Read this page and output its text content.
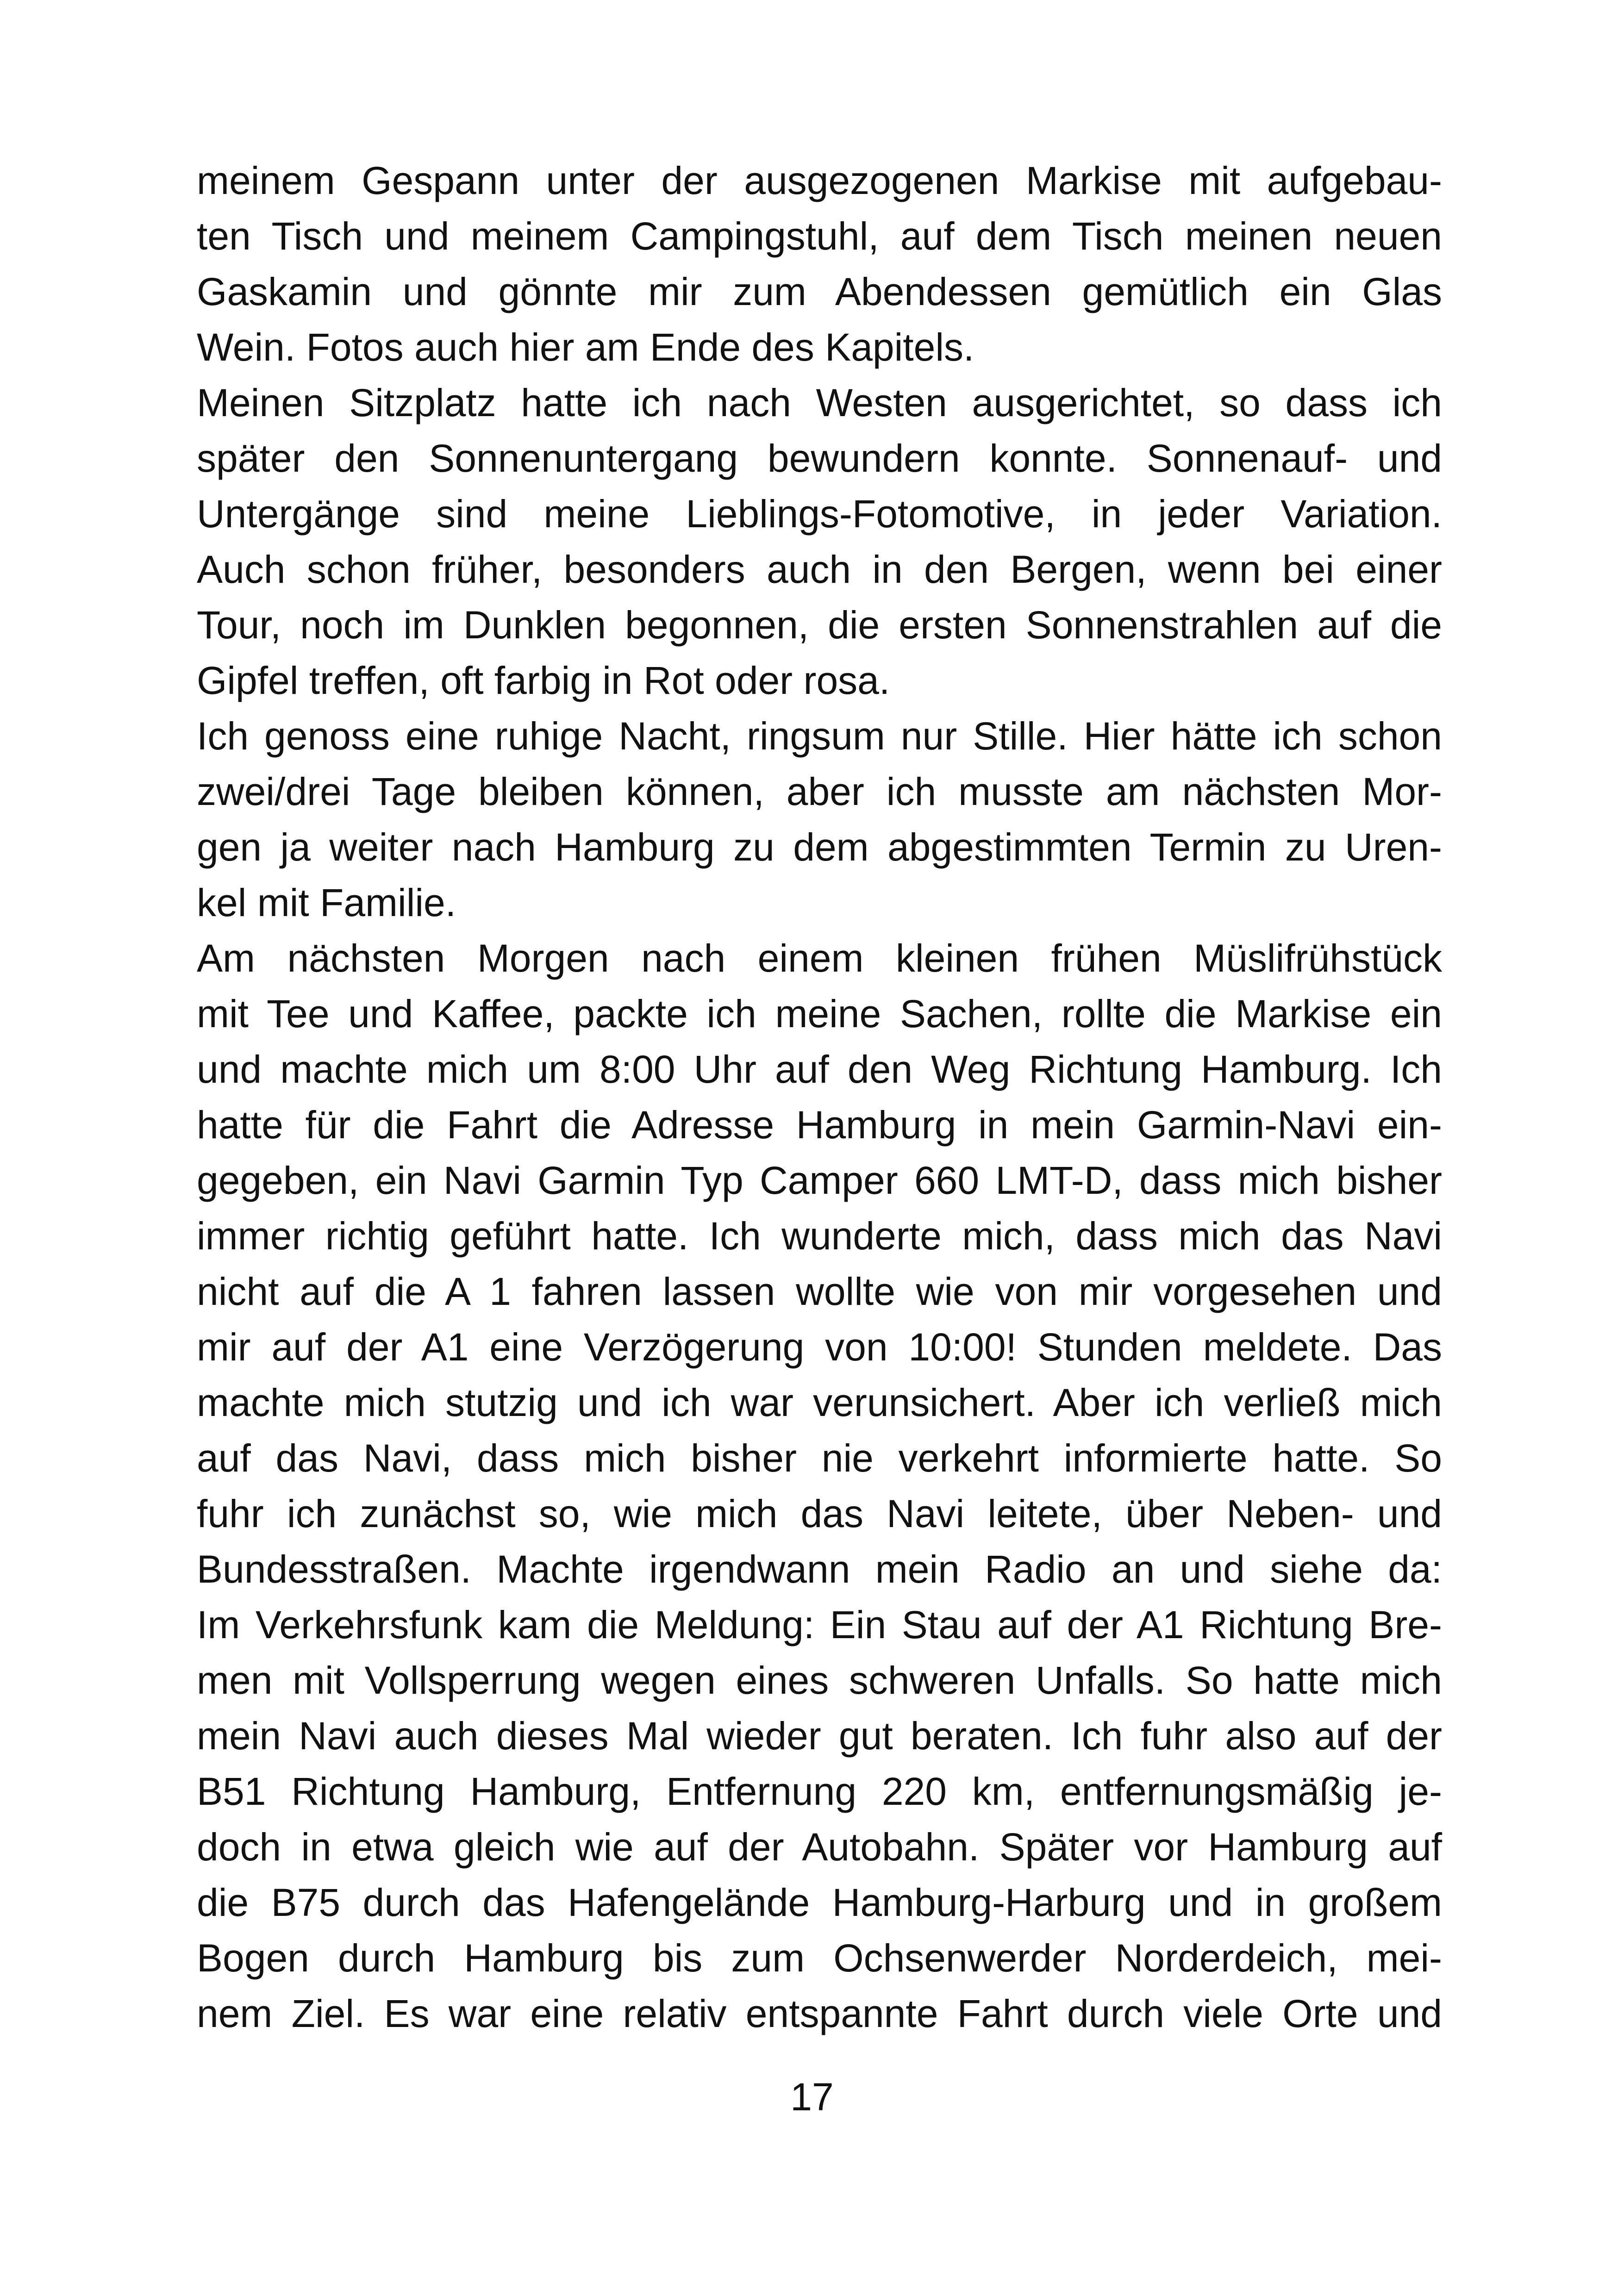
meinem Gespann unter der ausgezogenen Markise mit aufgebau-
ten Tisch und meinem Campingstuhl, auf dem Tisch meinen neuen
Gaskamin und gönnte mir zum Abendessen gemütlich ein Glas
Wein. Fotos auch hier am Ende des Kapitels.
Meinen Sitzplatz hatte ich nach Westen ausgerichtet, so dass ich
später den Sonnenuntergang bewundern konnte. Sonnenauf- und
Untergänge sind meine Lieblings-Fotomotive, in jeder Variation.
Auch schon früher, besonders auch in den Bergen, wenn bei einer
Tour, noch im Dunklen begonnen, die ersten Sonnenstrahlen auf die
Gipfel treffen, oft farbig in Rot oder rosa.
Ich genoss eine ruhige Nacht, ringsum nur Stille. Hier hätte ich schon
zwei/drei Tage bleiben können, aber ich musste am nächsten Mor-
gen ja weiter nach Hamburg zu dem abgestimmten Termin zu Uren-
kel mit Familie.
Am nächsten Morgen nach einem kleinen frühen Müslifrühstück
mit Tee und Kaffee, packte ich meine Sachen, rollte die Markise ein
und machte mich um 8:00 Uhr auf den Weg Richtung Hamburg. Ich
hatte für die Fahrt die Adresse Hamburg in mein Garmin-Navi ein-
gegeben, ein Navi Garmin Typ Camper 660 LMT-D, dass mich bisher
immer richtig geführt hatte. Ich wunderte mich, dass mich das Navi
nicht auf die A 1 fahren lassen wollte wie von mir vorgesehen und
mir auf der A1 eine Verzögerung von 10:00! Stunden meldete. Das
machte mich stutzig und ich war verunsichert. Aber ich verließ mich
auf das Navi, dass mich bisher nie verkehrt informierte hatte. So
fuhr ich zunächst so, wie mich das Navi leitete, über Neben- und
Bundesstraßen. Machte irgendwann mein Radio an und siehe da:
Im Verkehrsfunk kam die Meldung: Ein Stau auf der A1 Richtung Bre-
men mit Vollsperrung wegen eines schweren Unfalls. So hatte mich
mein Navi auch dieses Mal wieder gut beraten. Ich fuhr also auf der
B51 Richtung Hamburg, Entfernung 220 km, entfernungsmäßig je-
doch in etwa gleich wie auf der Autobahn. Später vor Hamburg auf
die B75 durch das Hafengelände Hamburg-Harburg und in großem
Bogen durch Hamburg bis zum Ochsenwerder Norderdeich, mei-
nem Ziel. Es war eine relativ entspannte Fahrt durch viele Orte und
17
